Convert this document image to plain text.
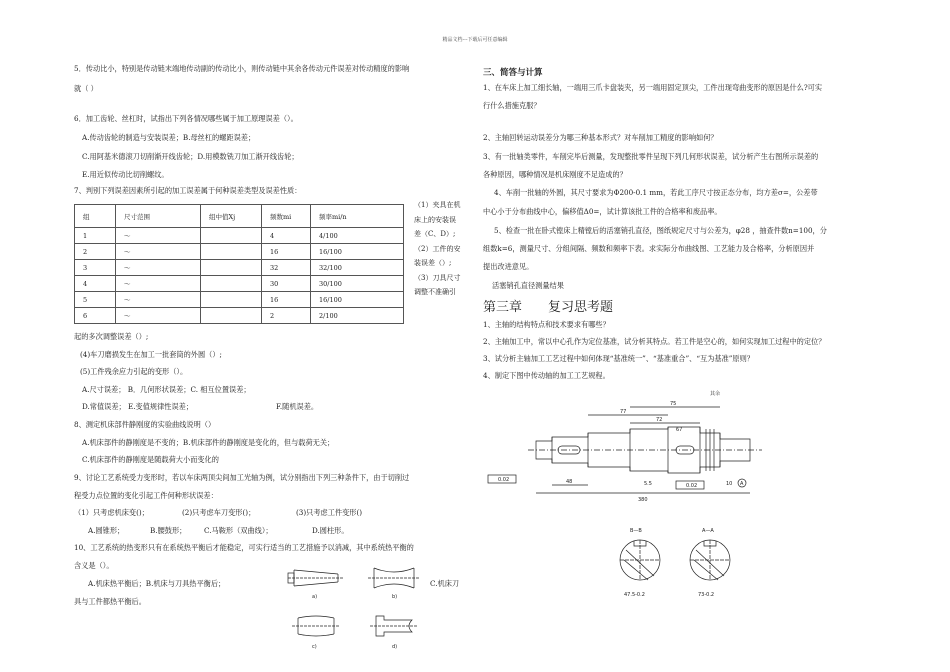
精品文档---下载后可任意编辑
5．传动比小，特别是传动链末端地传动副的传动比小，则传动链中其余各传动元件误差对传动精度的影响
就（ ）
6．加工齿轮、丝杠时，试指出下列各情况哪些属于加工原理误差（）。
A.传动齿轮的制造与安装误差；B.母丝杠的螺距误差；
C.用阿基米德滚刀切削渐开线齿轮；D.用模数铣刀加工渐开线齿轮；
E.用近似传动比切削螺纹。
7、判别下列误差因素所引起的加工误差属于何种误差类型及误差性质：
组	尺寸范围	组中值Xj	频数mi	频率mi/n
1	～		4	4/100
2	～		16	16/100
3	～		32	32/100
4	～		30	30/100
5	～		16	16/100
6	～		2	2/100
（1）夹具在机
床上的安装误
差（C、D）;
（2）工件的安
装误差（）;
（3）刀具尺寸
调整不准确引
起的多次调整误差（）;
(4)车刀磨损发生在加工一批套筒的外圆（）;
(5)工件残余应力引起的变形（）。
A.尺寸误差； B．几何形状误差；C. 相互位置误差；
D.常值误差； E.变值规律性误差；	F.随机误差。
8、测定机床部件静刚度的实验曲线说明（）
A.机床部件的静刚度是不变的；B.机床部件的静刚度是变化的，但与载荷无关；
C.机床部件的静刚度是随载荷大小而变化的
9、讨论工艺系统受力变形时，若以车床两顶尖间加工光轴为例，试分别指出下列三种条件下，由于切削过
程受力点位置的变化引起工件何种形状误差：
（1）只考虑机床变()；	(2)只考虑车刀变形()；	(3)只考虑工件变形()
A.圆锥形；	B.腰鼓形； C.马鞍形（双曲线）；	D.圆柱形。
10、工艺系统的热变形只有在系统热平衡后才能稳定，可实行适当的工艺措施予以消减，其中系统热平衡的
含义是（）。
A.机床热平衡后；B.机床与刀具热平衡后；	C.机床刀
具与工件都热平衡后。	a)	b)
c)	d)
三、简答与计算
1、在车床上加工细长轴，一端用三爪卡盘装夹，另一端用固定顶尖，工件出现弯曲变形的原因是什么?可实
行什么措施克服？
2、主轴回转运动误差分为哪三种基本形式？对车削加工精度的影响如何？
3、有一批轴类零件，车削完毕后测量，发现整批零件呈现下列几何形状误差，试分析产生右图所示误差的
各种原因，哪种情况是机床刚度不足造成的？
4、车削一批轴的外圆，其尺寸要求为Φ200-0.1 mm，若此工序尺寸按正态分布，均方差σ=，公差带
中心小于分布曲线中心，偏移值Δ0=，试计算该批工件的合格率和废品率。
5、检查一批在卧式镗床上精镗后的活塞销孔直径，图纸规定尺寸与公差为，φ28 ，抽查件数n=100，分
组数k=6，测量尺寸、分组间隔、频数和频率下表。求实际分布曲线图、工艺能力及合格率，分析原因并
提出改进意见。
活塞销孔直径测量结果
第三章 复习思考题
1、主轴的结构特点和技术要求有哪些？
2、主轴加工中，常以中心孔作为定位基准，试分析其特点。若工件是空心的，如何实现加工过程中的定位？
3、试分析主轴加工工艺过程中如何体现“基准统一”、“基准重合”、“互为基准”原则？
4、制定下图中传动轴的加工工艺规程。
其余
77
75
72
67
48
380
10
5.5
0.02
0.02	A
B—B
47.5-0.2
A—A
73-0.2
